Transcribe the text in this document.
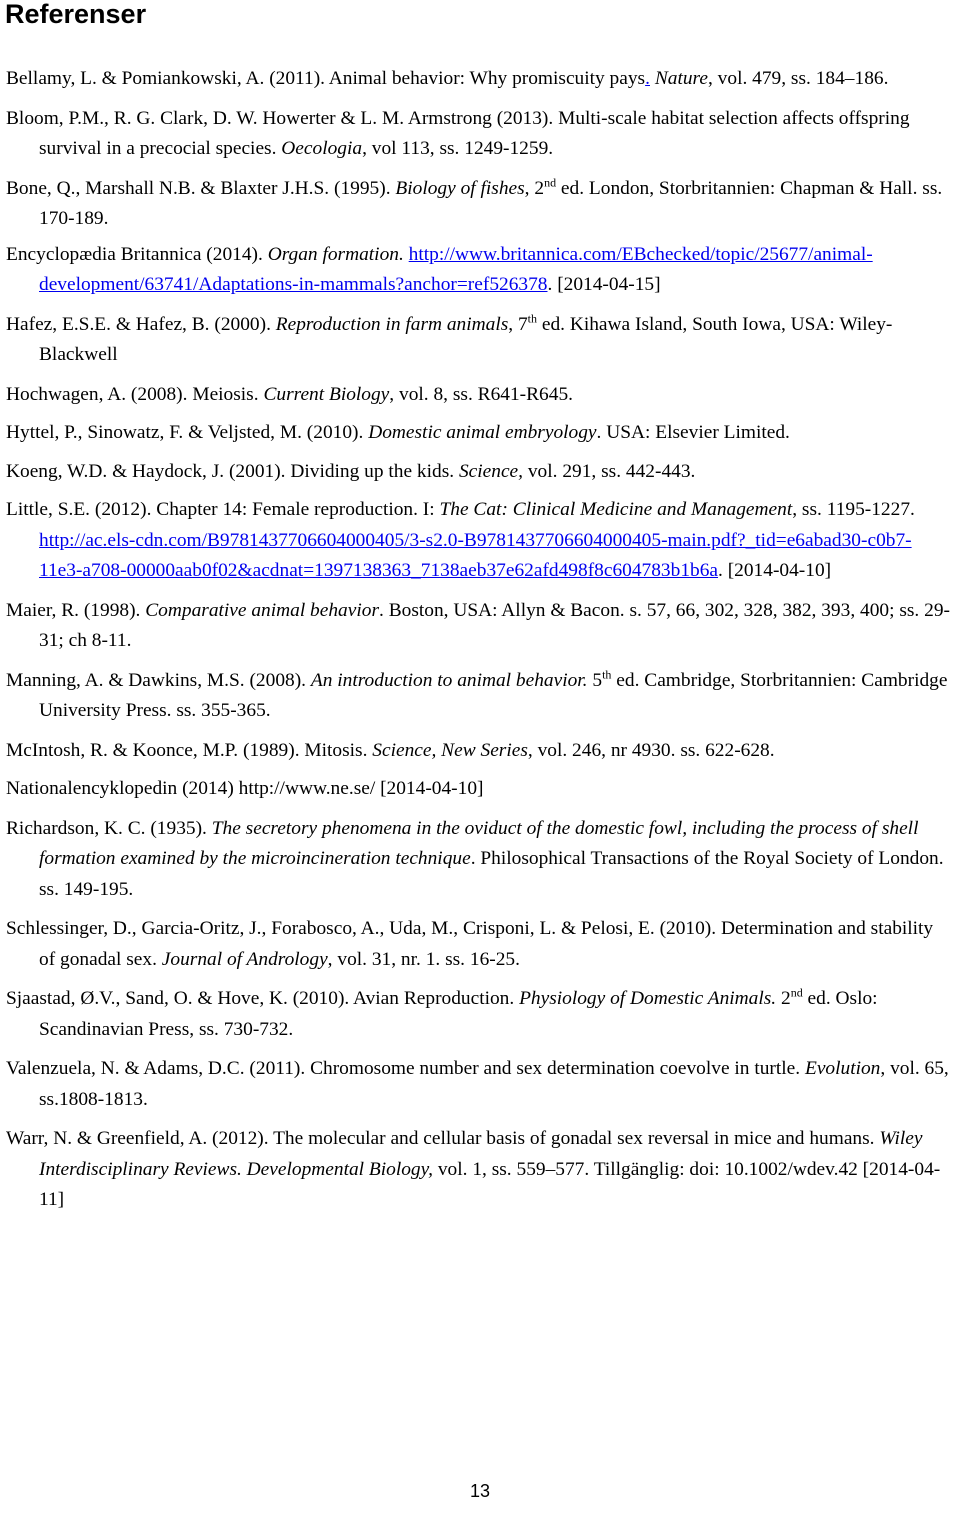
Referenser
Bellamy, L. & Pomiankowski, A. (2011). Animal behavior: Why promiscuity pays. Nature, vol. 479, ss. 184–186.
Bloom, P.M., R. G. Clark, D. W. Howerter & L. M. Armstrong (2013). Multi-scale habitat selection affects offspring survival in a precocial species. Oecologia, vol 113, ss. 1249-1259.
Bone, Q., Marshall N.B. & Blaxter J.H.S. (1995). Biology of fishes, 2nd ed. London, Storbritannien: Chapman & Hall. ss. 170-189.
Encyclopædia Britannica (2014). Organ formation. http://www.britannica.com/EBchecked/topic/25677/animal-development/63741/Adaptations-in-mammals?anchor=ref526378. [2014-04-15]
Hafez, E.S.E. & Hafez, B. (2000). Reproduction in farm animals, 7th ed. Kihawa Island, South Iowa, USA: Wiley-Blackwell
Hochwagen, A. (2008). Meiosis. Current Biology, vol. 8, ss. R641-R645.
Hyttel, P., Sinowatz, F. & Veljsted, M. (2010). Domestic animal embryology. USA: Elsevier Limited.
Koeng, W.D. & Haydock, J. (2001). Dividing up the kids. Science, vol. 291, ss. 442-443.
Little, S.E. (2012). Chapter 14: Female reproduction. I: The Cat: Clinical Medicine and Management, ss. 1195-1227. http://ac.els-cdn.com/B9781437706604000405/3-s2.0-B9781437706604000405-main.pdf?_tid=e6abad30-c0b7-11e3-a708-00000aab0f02&acdnat=1397138363_7138aeb37e62afd498f8c604783b1b6a. [2014-04-10]
Maier, R. (1998). Comparative animal behavior. Boston, USA: Allyn & Bacon. s. 57, 66, 302, 328, 382, 393, 400; ss. 29-31; ch 8-11.
Manning, A. & Dawkins, M.S. (2008). An introduction to animal behavior. 5th ed. Cambridge, Storbritannien: Cambridge University Press. ss. 355-365.
McIntosh, R. & Koonce, M.P. (1989). Mitosis. Science, New Series, vol. 246, nr 4930. ss. 622-628.
Nationalencyklopedin (2014) http://www.ne.se/ [2014-04-10]
Richardson, K. C. (1935). The secretory phenomena in the oviduct of the domestic fowl, including the process of shell formation examined by the microincineration technique. Philosophical Transactions of the Royal Society of London. ss. 149-195.
Schlessinger, D., Garcia-Oritz, J., Forabosco, A., Uda, M., Crisponi, L. & Pelosi, E. (2010). Determination and stability of gonadal sex. Journal of Andrology, vol. 31, nr. 1. ss. 16-25.
Sjaastad, Ø.V., Sand, O. & Hove, K. (2010). Avian Reproduction. Physiology of Domestic Animals. 2nd ed. Oslo: Scandinavian Press, ss. 730-732.
Valenzuela, N. & Adams, D.C. (2011). Chromosome number and sex determination coevolve in turtle. Evolution, vol. 65, ss.1808-1813.
Warr, N. & Greenfield, A. (2012). The molecular and cellular basis of gonadal sex reversal in mice and humans. Wiley Interdisciplinary Reviews. Developmental Biology, vol. 1, ss. 559–577. Tillgänglig: doi: 10.1002/wdev.42 [2014-04-11]
13
